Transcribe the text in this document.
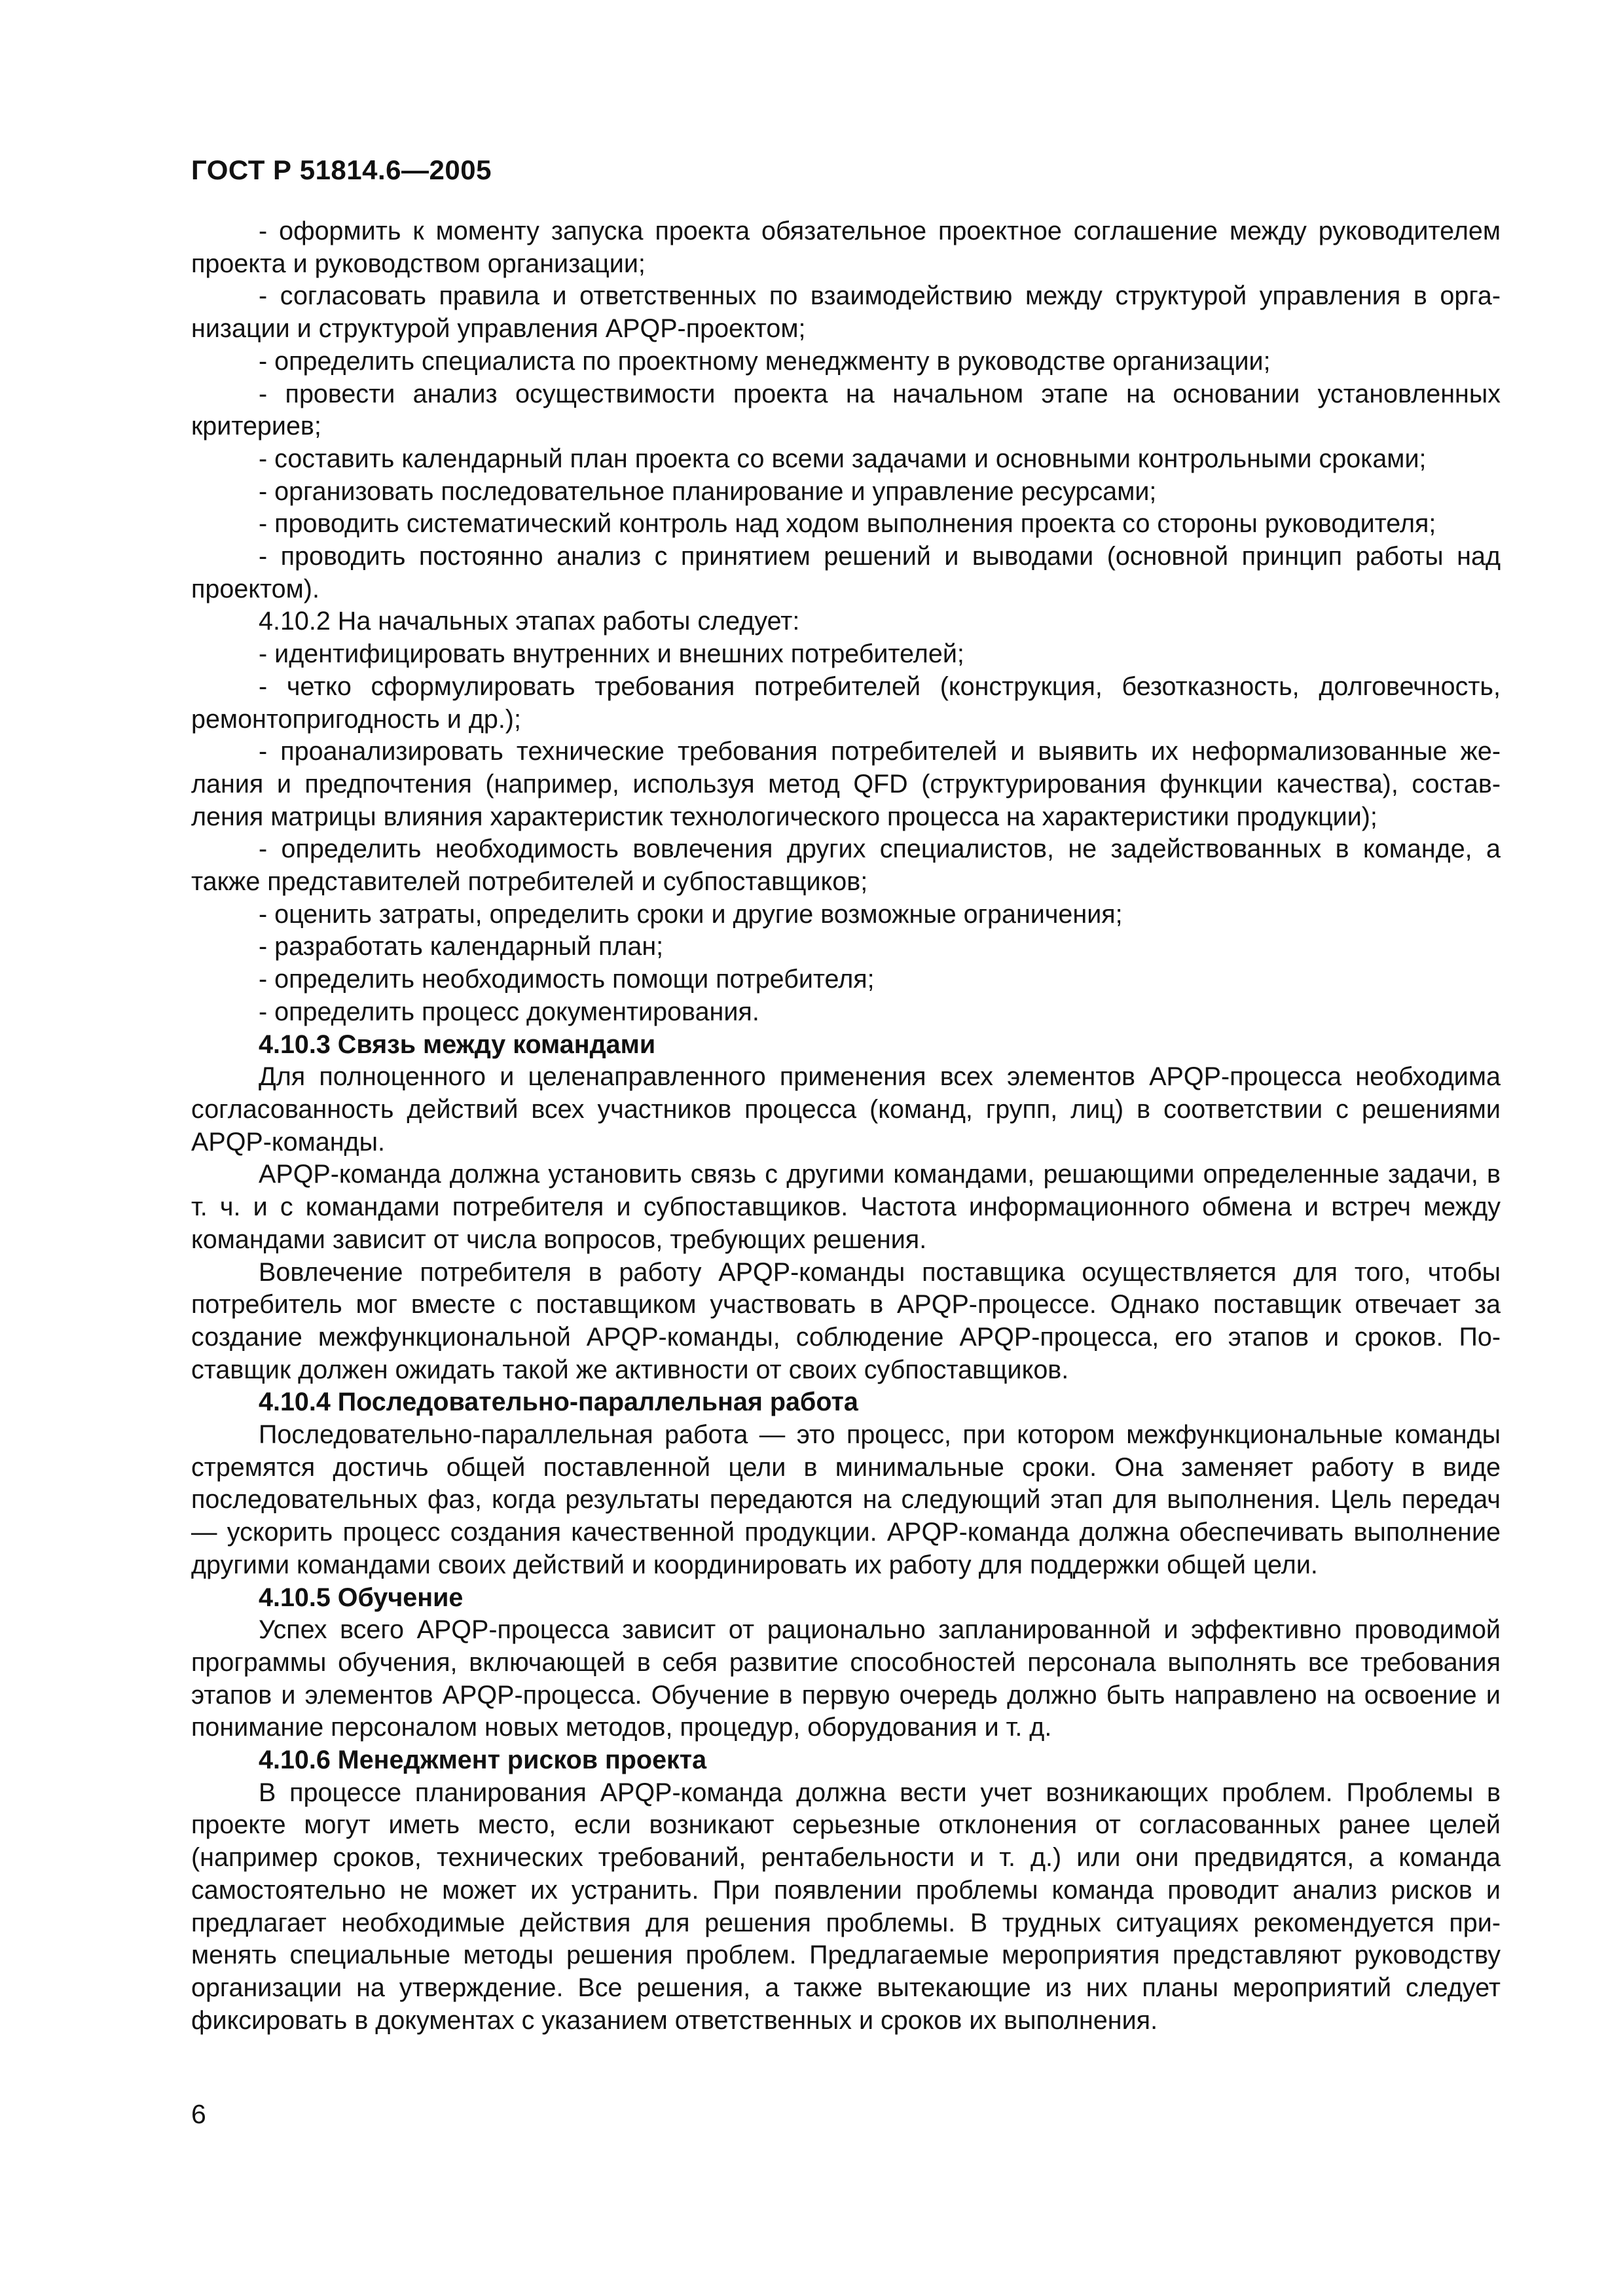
ГОСТ Р 51814.6—2005

- оформить к моменту запуска проекта обязательное проектное соглашение между руководителем проекта и руководством организации;

- согласовать правила и ответственных по взаимодействию между структурой управления в организации и структурой управления APQP-проектом;

- определить специалиста по проектному менеджменту в руководстве организации;

- провести анализ осуществимости проекта на начальном этапе на основании установленных критериев;

- составить календарный план проекта со всеми задачами и основными контрольными сроками;

- организовать последовательное планирование и управление ресурсами;

- проводить систематический контроль над ходом выполнения проекта со стороны руководителя;

- проводить постоянно анализ с принятием решений и выводами (основной принцип работы над проектом).

4.10.2 На начальных этапах работы следует:

- идентифицировать внутренних и внешних потребителей;

- четко сформулировать требования потребителей (конструкция, безотказность, долговечность, ремонтопригодность и др.);

- проанализировать технические требования потребителей и выявить их неформализованные желания и предпочтения (например, используя метод QFD (структурирования функции качества), составления матрицы влияния характеристик технологического процесса на характеристики продукции);

- определить необходимость вовлечения других специалистов, не задействованных в команде, а также представителей потребителей и субпоставщиков;

- оценить затраты, определить сроки и другие возможные ограничения;

- разработать календарный план;

- определить необходимость помощи потребителя;

- определить процесс документирования.

4.10.3 Связь между командами

Для полноценного и целенаправленного применения всех элементов APQP-процесса необходима согласованность действий всех участников процесса (команд, групп, лиц) в соответствии с решениями APQP-команды.

APQP-команда должна установить связь с другими командами, решающими определенные задачи, в т. ч. и с командами потребителя и субпоставщиков. Частота информационного обмена и встреч между командами зависит от числа вопросов, требующих решения.

Вовлечение потребителя в работу APQP-команды поставщика осуществляется для того, чтобы потребитель мог вместе с поставщиком участвовать в APQP-процессе. Однако поставщик отвечает за создание межфункциональной APQP-команды, соблюдение APQP-процесса, его этапов и сроков. Поставщик должен ожидать такой же активности от своих субпоставщиков.

4.10.4 Последовательно-параллельная работа

Последовательно-параллельная работа — это процесс, при котором межфункциональные команды стремятся достичь общей поставленной цели в минимальные сроки. Она заменяет работу в виде последовательных фаз, когда результаты передаются на следующий этап для выполнения. Цель передач — ускорить процесс создания качественной продукции. APQP-команда должна обеспечивать выполнение другими командами своих действий и координировать их работу для поддержки общей цели.

4.10.5 Обучение

Успех всего APQP-процесса зависит от рационально запланированной и эффективно проводимой программы обучения, включающей в себя развитие способностей персонала выполнять все требования этапов и элементов APQP-процесса. Обучение в первую очередь должно быть направлено на освоение и понимание персоналом новых методов, процедур, оборудования и т. д.

4.10.6 Менеджмент рисков проекта

В процессе планирования APQP-команда должна вести учет возникающих проблем. Проблемы в проекте могут иметь место, если возникают серьезные отклонения от согласованных ранее целей (например сроков, технических требований, рентабельности и т. д.) или они предвидятся, а команда самостоятельно не может их устранить. При появлении проблемы команда проводит анализ рисков и предлагает необходимые действия для решения проблемы. В трудных ситуациях рекомендуется применять специальные методы решения проблем. Предлагаемые мероприятия представляют руководству организации на утверждение. Все решения, а также вытекающие из них планы мероприятий следует фиксировать в документах с указанием ответственных и сроков их выполнения.

6
